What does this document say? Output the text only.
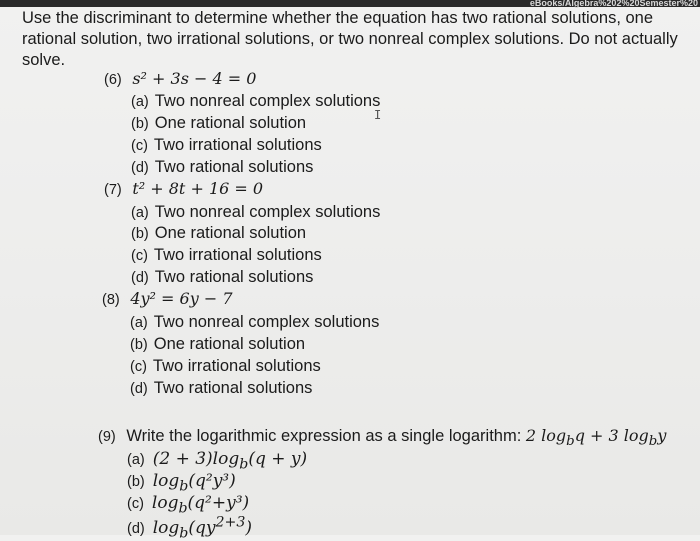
eBooks/Algebra%202%20Semester%20
Use the discriminant to determine whether the equation has two rational solutions, one rational solution, two irrational solutions, or two nonreal complex solutions. Do not actually solve.
(6) s² + 3s − 4 = 0
(a) Two nonreal complex solutions
(b) One rational solution
(c) Two irrational solutions
(d) Two rational solutions
(7) t² + 8t + 16 = 0
(a) Two nonreal complex solutions
(b) One rational solution
(c) Two irrational solutions
(d) Two rational solutions
(8) 4y² = 6y − 7
(a) Two nonreal complex solutions
(b) One rational solution
(c) Two irrational solutions
(d) Two rational solutions
(9) Write the logarithmic expression as a single logarithm: 2 $\log_bq + 3$ $\log_by$
(a) $(2 + 3)\log_b(q + y)$
(b) $\log_b(q^2y^3)$
(c) $\log_b(q^2+y^3)$
(d) $\log_b(qy^{2+3})$
I
